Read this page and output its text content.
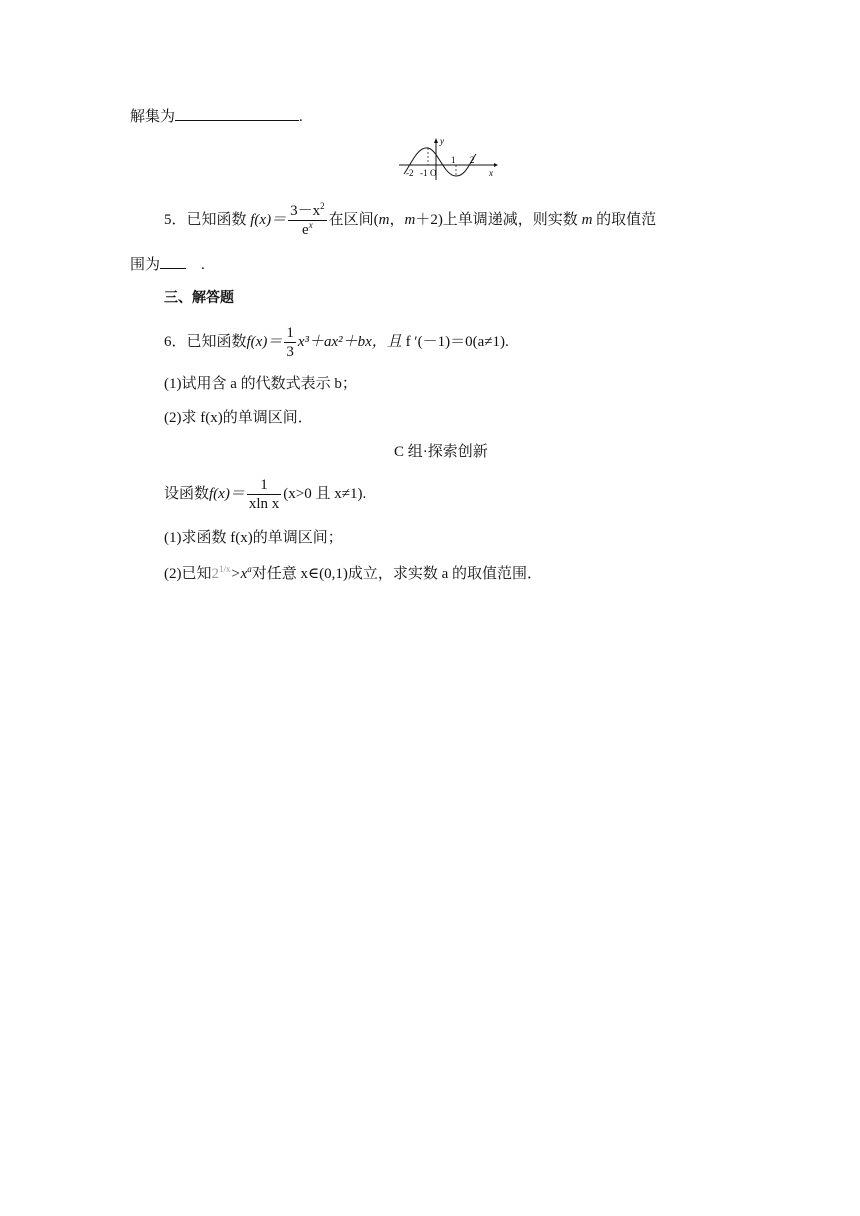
解集为	.
y
x
-2 -1 O
1 2
5．已知函数 $f(x)= \frac{3-x^2}{e^x}$ 在区间(m，m＋2)上单调递减，则实数 m 的取值范
围为	.
三、解答题
6．已知函数$f(x)= \frac{1}{3} x^3+ax^2+bx$，且 f ′(－1)＝0(a≠1).
(1)试用含 a 的代数式表示 b；
(2)求 f(x)的单调区间．
C 组·探索创新
设函数$f(x)= \frac{1}{\text{xln x}} (x>0$ 且 x≠1).
(1)求函数 f(x)的单调区间；
(2)已知$2^{1/x}>x^a$对任意 x∈(0,1)成立，求实数 a 的取值范围．
